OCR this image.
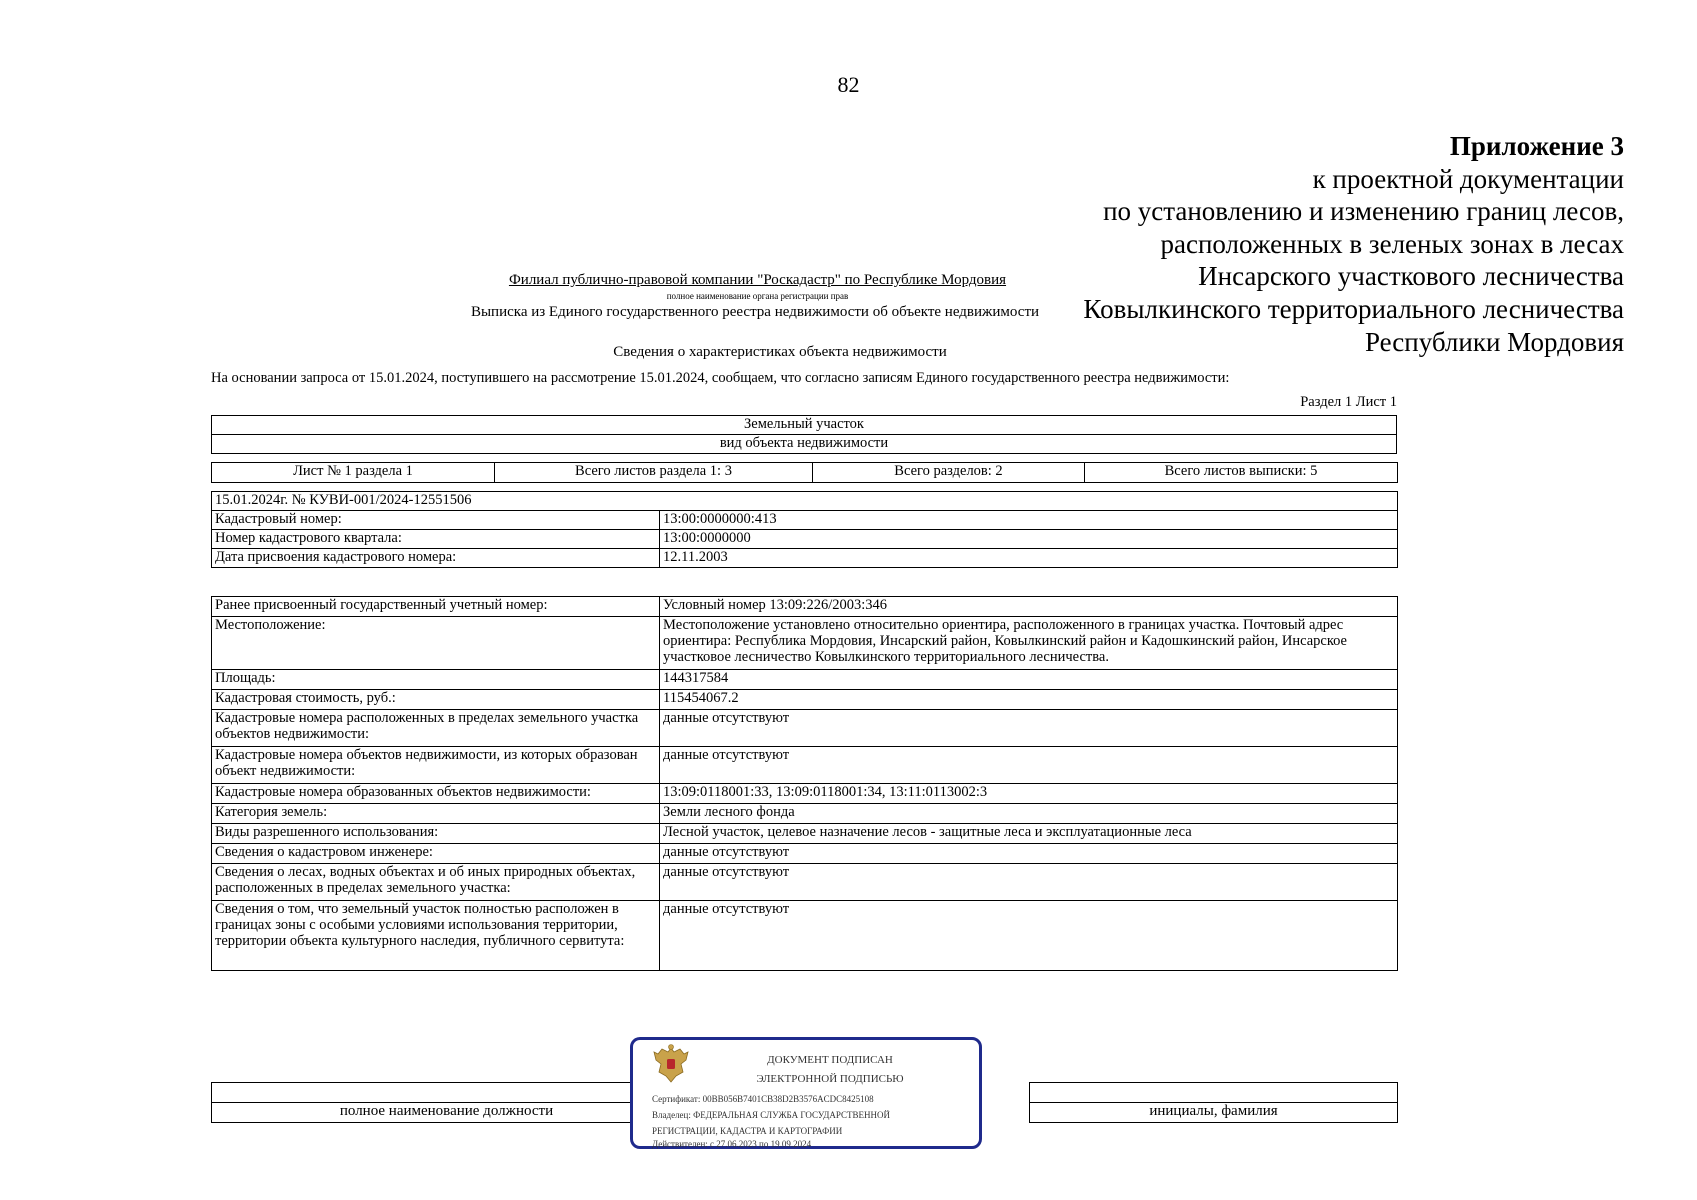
82
Приложение 3
к проектной документации
по установлению и изменению границ лесов,
расположенных в зеленых зонах в лесах
Инсарского участкового лесничества
Ковылкинского территориального лесничества
Республики Мордовия
Филиал публично-правовой компании "Роскадастр" по Республике Мордовия
полное наименование органа регистрации прав
Выписка из Единого государственного реестра недвижимости об объекте недвижимости
Сведения о характеристиках объекта недвижимости
На основании запроса от 15.01.2024, поступившего на рассмотрение 15.01.2024, сообщаем, что согласно записям Единого государственного реестра недвижимости:
Раздел 1 Лист 1
Земельный участок
вид объекта недвижимости
Лист № 1 раздела 1	Всего листов раздела 1: 3	Всего разделов: 2	Всего листов выписки: 5
15.01.2024г. № КУВИ-001/2024-12551506	
Кадастровый номер:	13:00:0000000:413
Номер кадастрового квартала:	13:00:0000000
Дата присвоения кадастрового номера:	12.11.2003
Ранее присвоенный государственный учетный номер:	Условный номер 13:09:226/2003:346
Местоположение:	Местоположение установлено относительно ориентира, расположенного в границах участка. Почтовый адрес ориентира: Республика Мордовия, Инсарский район, Ковылкинский район и Кадошкинский район, Инсарское участковое лесничество Ковылкинского территориального лесничества.
Площадь:	144317584
Кадастровая стоимость, руб.:	115454067.2
Кадастровые номера расположенных в пределах земельного участка объектов недвижимости:	данные отсутствуют
Кадастровые номера объектов недвижимости, из которых образован объект недвижимости:	данные отсутствуют
Кадастровые номера образованных объектов недвижимости:	13:09:0118001:33, 13:09:0118001:34, 13:11:0113002:3
Категория земель:	Земли лесного фонда
Виды разрешенного использования:	Лесной участок, целевое назначение лесов - защитные леса и эксплуатационные леса
Сведения о кадастровом инженере:	данные отсутствуют
Сведения о лесах, водных объектах и об иных природных объектах, расположенных в пределах земельного участка:	данные отсутствуют
Сведения о том, что земельный участок полностью расположен в границах зоны с особыми условиями использования территории, территории объекта культурного наследия, публичного сервитута:	данные отсутствуют

полное наименование должности		инициалы, фамилия
ДОКУМЕНТ ПОДПИСАН
ЭЛЕКТРОННОЙ ПОДПИСЬЮ
Сертификат: 00BB056B7401CB38D2B3576ACDC8425108
Владелец: ФЕДЕРАЛЬНАЯ СЛУЖБА ГОСУДАРСТВЕННОЙ
РЕГИСТРАЦИИ, КАДАСТРА И КАРТОГРАФИИ
Действителен: с 27.06.2023 по 19.09.2024
